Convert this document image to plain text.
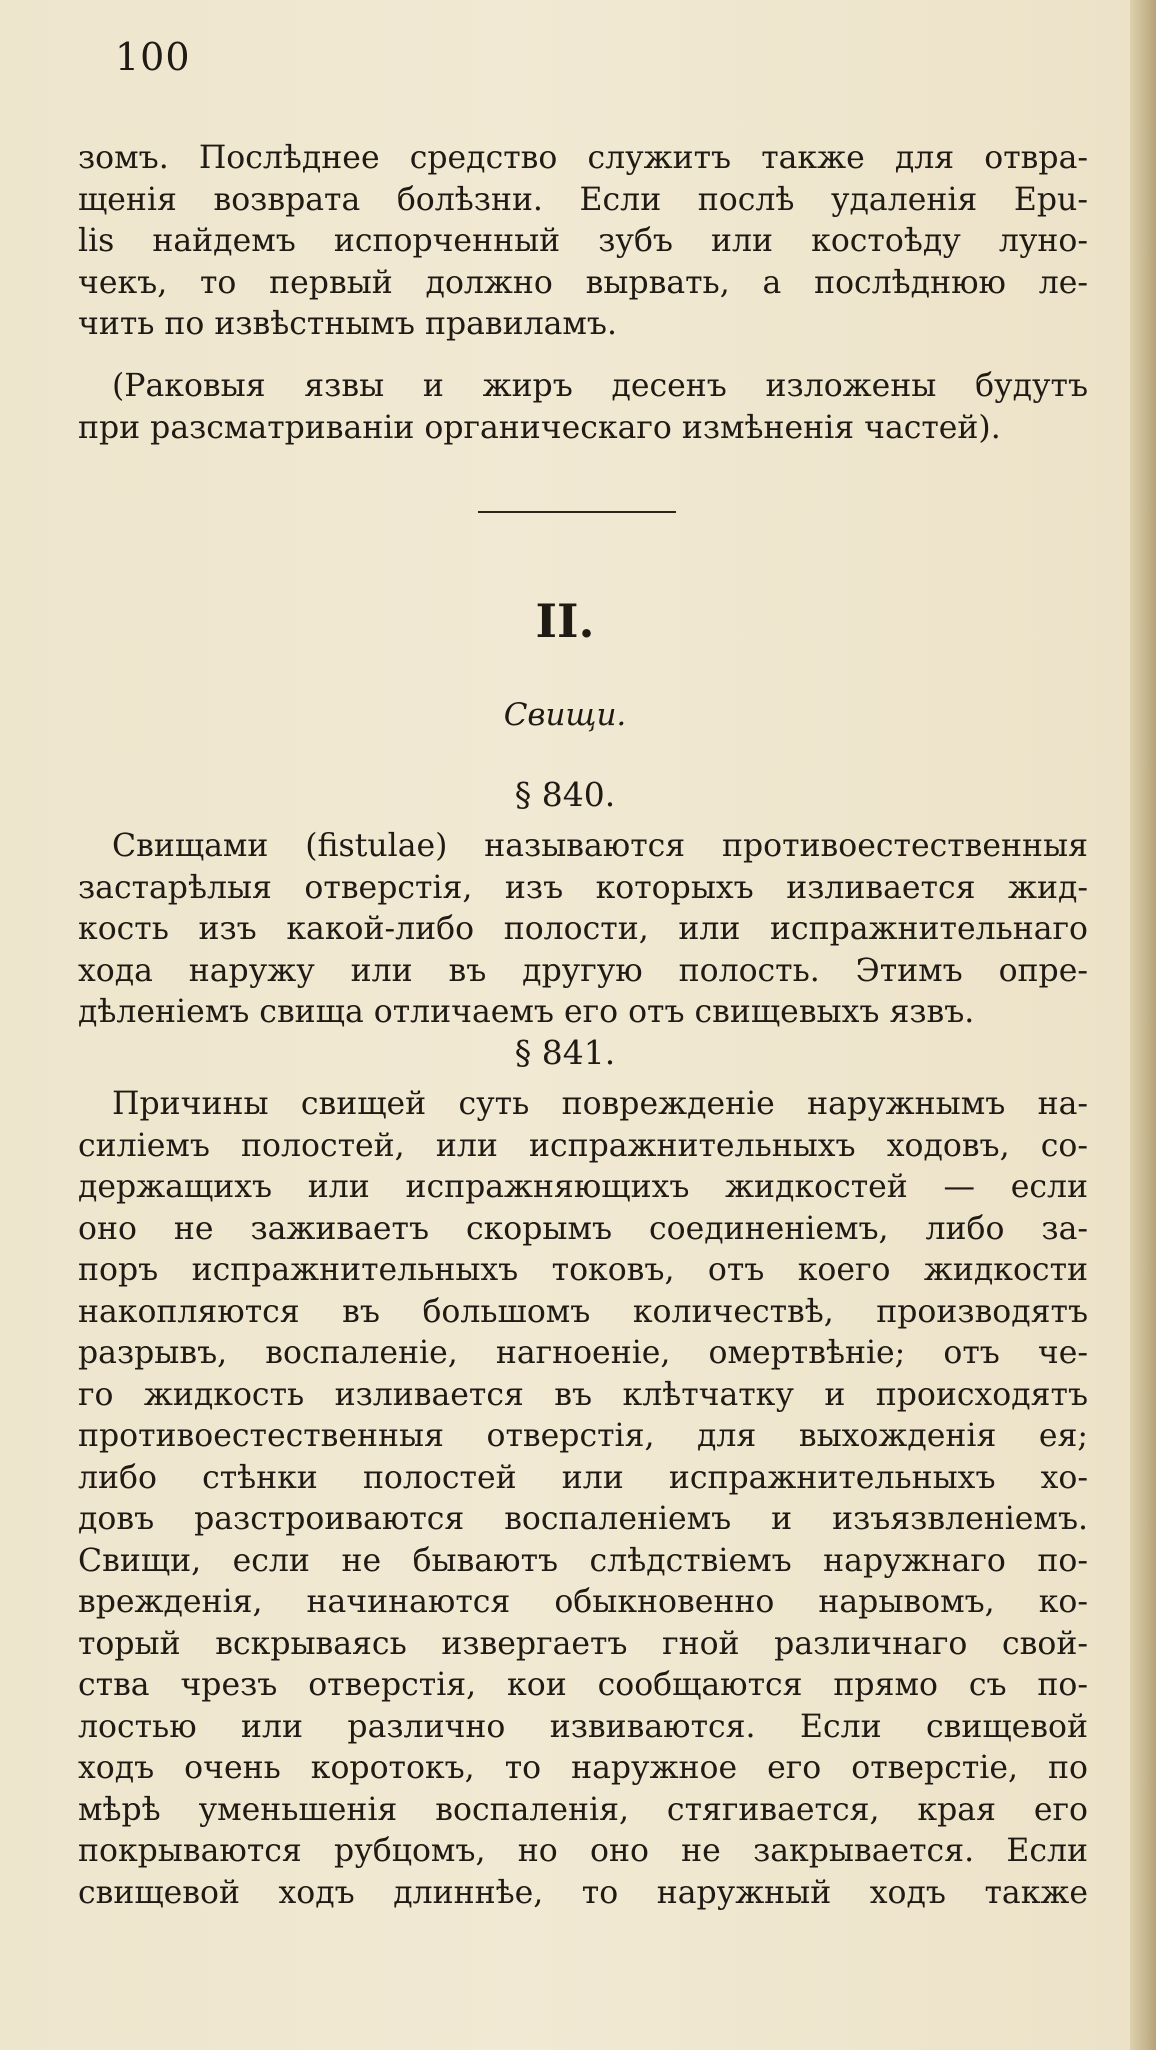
100
зомъ. Послѣднее средство служитъ также для отвра-
щенія возврата болѣзни. Если послѣ удаленія Epu-
lis найдемъ испорченный зубъ или костоѣду луно-
чекъ, то первый должно вырвать, а послѣднюю ле-
чить по извѣстнымъ правиламъ.
(Раковыя язвы и жиръ десенъ изложены будутъ
при разсматриваніи органическаго измѣненія частей).
II.
Свищи.
§ 840.
Свищами (fistulae) называются противоестественныя
застарѣлыя отверстія, изъ которыхъ изливается жид-
кость изъ какой-либо полости, или испражнительнаго
хода наружу или въ другую полость. Этимъ опре-
дѣленіемъ свища отличаемъ его отъ свищевыхъ язвъ.
§ 841.
Причины свищей суть поврежденіе наружнымъ на-
силіемъ полостей, или испражнительныхъ ходовъ, со-
держащихъ или испражняющихъ жидкостей — если
оно не заживаетъ скорымъ соединеніемъ, либо за-
поръ испражнительныхъ токовъ, отъ коего жидкости
накопляются въ большомъ количествѣ, производятъ
разрывъ, воспаленіе, нагноеніе, омертвѣніе; отъ че-
го жидкость изливается въ клѣтчатку и происходятъ
противоестественныя отверстія, для выхожденія ея;
либо стѣнки полостей или испражнительныхъ хо-
довъ разстроиваются воспаленіемъ и изъязвленіемъ.
Свищи, если не бываютъ слѣдствіемъ наружнаго по-
врежденія, начинаются обыкновенно нарывомъ, ко-
торый вскрываясь извергаетъ гной различнаго свой-
ства чрезъ отверстія, кои сообщаются прямо съ по-
лостью или различно извиваются. Если свищевой
ходъ очень коротокъ, то наружное его отверстіе, по
мѣрѣ уменьшенія воспаленія, стягивается, края его
покрываются рубцомъ, но оно не закрывается. Если
свищевой ходъ длиннѣе, то наружный ходъ также
